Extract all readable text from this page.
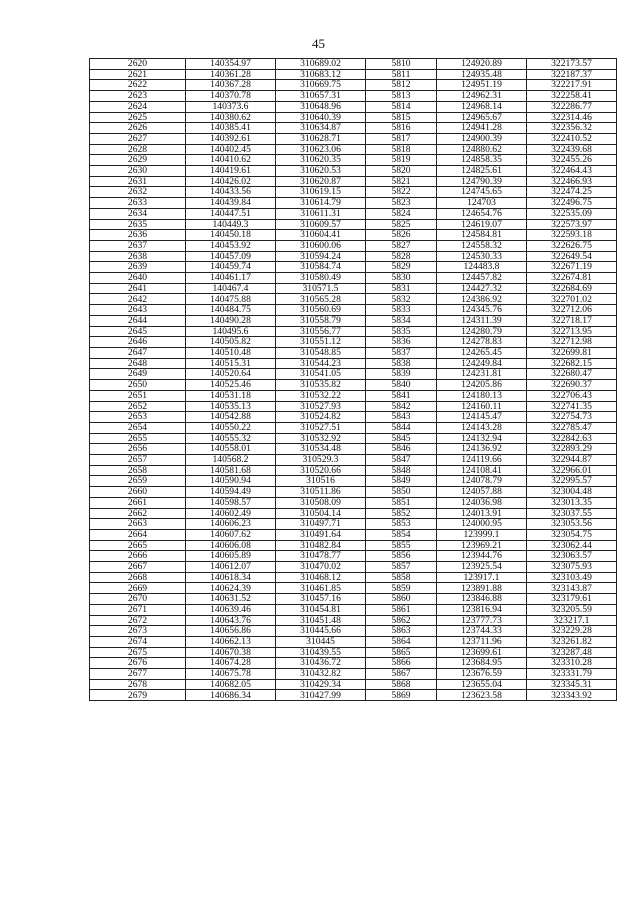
45
2620	140354.97	310689.02	5810	124920.89	322173.57
2621	140361.28	310683.12	5811	124935.48	322187.37
2622	140367.28	310669.75	5812	124951.19	322217.91
2623	140370.78	310657.31	5813	124962.31	322258.41
2624	140373.6	310648.96	5814	124968.14	322286.77
2625	140380.62	310640.39	5815	124965.67	322314.46
2626	140385.41	310634.87	5816	124941.28	322356.32
2627	140392.61	310628.71	5817	124900.39	322410.52
2628	140402.45	310623.06	5818	124880.62	322439.68
2629	140410.62	310620.35	5819	124858.35	322455.26
2630	140419.61	310620.53	5820	124825.61	322464.43
2631	140426.02	310620.87	5821	124790.39	322466.93
2632	140433.56	310619.15	5822	124745.65	322474.25
2633	140439.84	310614.79	5823	124703	322496.75
2634	140447.51	310611.31	5824	124654.76	322535.09
2635	140449.3	310609.57	5825	124619.07	322573.97
2636	140450.18	310604.41	5826	124584.81	322593.18
2637	140453.92	310600.06	5827	124558.32	322626.75
2638	140457.09	310594.24	5828	124530.33	322649.54
2639	140459.74	310584.74	5829	124483.8	322671.19
2640	140461.17	310580.49	5830	124457.82	322674.81
2641	140467.4	310571.5	5831	124427.32	322684.69
2642	140475.88	310565.28	5832	124386.92	322701.02
2643	140484.75	310560.69	5833	124345.76	322712.06
2644	140490.28	310558.79	5834	124311.39	322718.17
2645	140495.6	310556.77	5835	124280.79	322713.95
2646	140505.82	310551.12	5836	124278.83	322712.98
2647	140510.48	310548.85	5837	124265.45	322699.81
2648	140515.31	310544.23	5838	124249.84	322682.15
2649	140520.64	310541.05	5839	124231.81	322680.47
2650	140525.46	310535.82	5840	124205.86	322690.37
2651	140531.18	310532.22	5841	124180.13	322706.43
2652	140535.13	310527.93	5842	124160.11	322741.35
2653	140542.88	310524.82	5843	124145.47	322754.73
2654	140550.22	310527.51	5844	124143.28	322785.47
2655	140555.32	310532.92	5845	124132.94	322842.63
2656	140558.01	310534.48	5846	124136.92	322893.29
2657	140568.2	310529.3	5847	124119.66	322944.87
2658	140581.68	310520.66	5848	124108.41	322966.01
2659	140590.94	310516	5849	124078.79	322995.57
2660	140594.49	310511.86	5850	124057.88	323004.48
2661	140598.57	310508.09	5851	124036.98	323013.35
2662	140602.49	310504.14	5852	124013.91	323037.55
2663	140606.23	310497.71	5853	124000.95	323053.56
2664	140607.62	310491.64	5854	123999.1	323054.75
2665	140606.08	310482.84	5855	123969.21	323062.44
2666	140605.89	310478.77	5856	123944.76	323063.57
2667	140612.07	310470.02	5857	123925.54	323075.93
2668	140618.34	310468.12	5858	123917.1	323103.49
2669	140624.39	310461.85	5859	123891.88	323143.87
2670	140631.52	310457.16	5860	123846.88	323179.61
2671	140639.46	310454.81	5861	123816.94	323205.59
2672	140643.76	310451.48	5862	123777.73	323217.1
2673	140656.86	310445.66	5863	123744.33	323229.28
2674	140662.13	310445	5864	123711.96	323261.82
2675	140670.38	310439.55	5865	123699.61	323287.48
2676	140674.28	310436.72	5866	123684.95	323310.28
2677	140675.78	310432.82	5867	123676.59	323331.79
2678	140682.05	310429.34	5868	123655.04	323345.31
2679	140686.34	310427.99	5869	123623.58	323343.92
